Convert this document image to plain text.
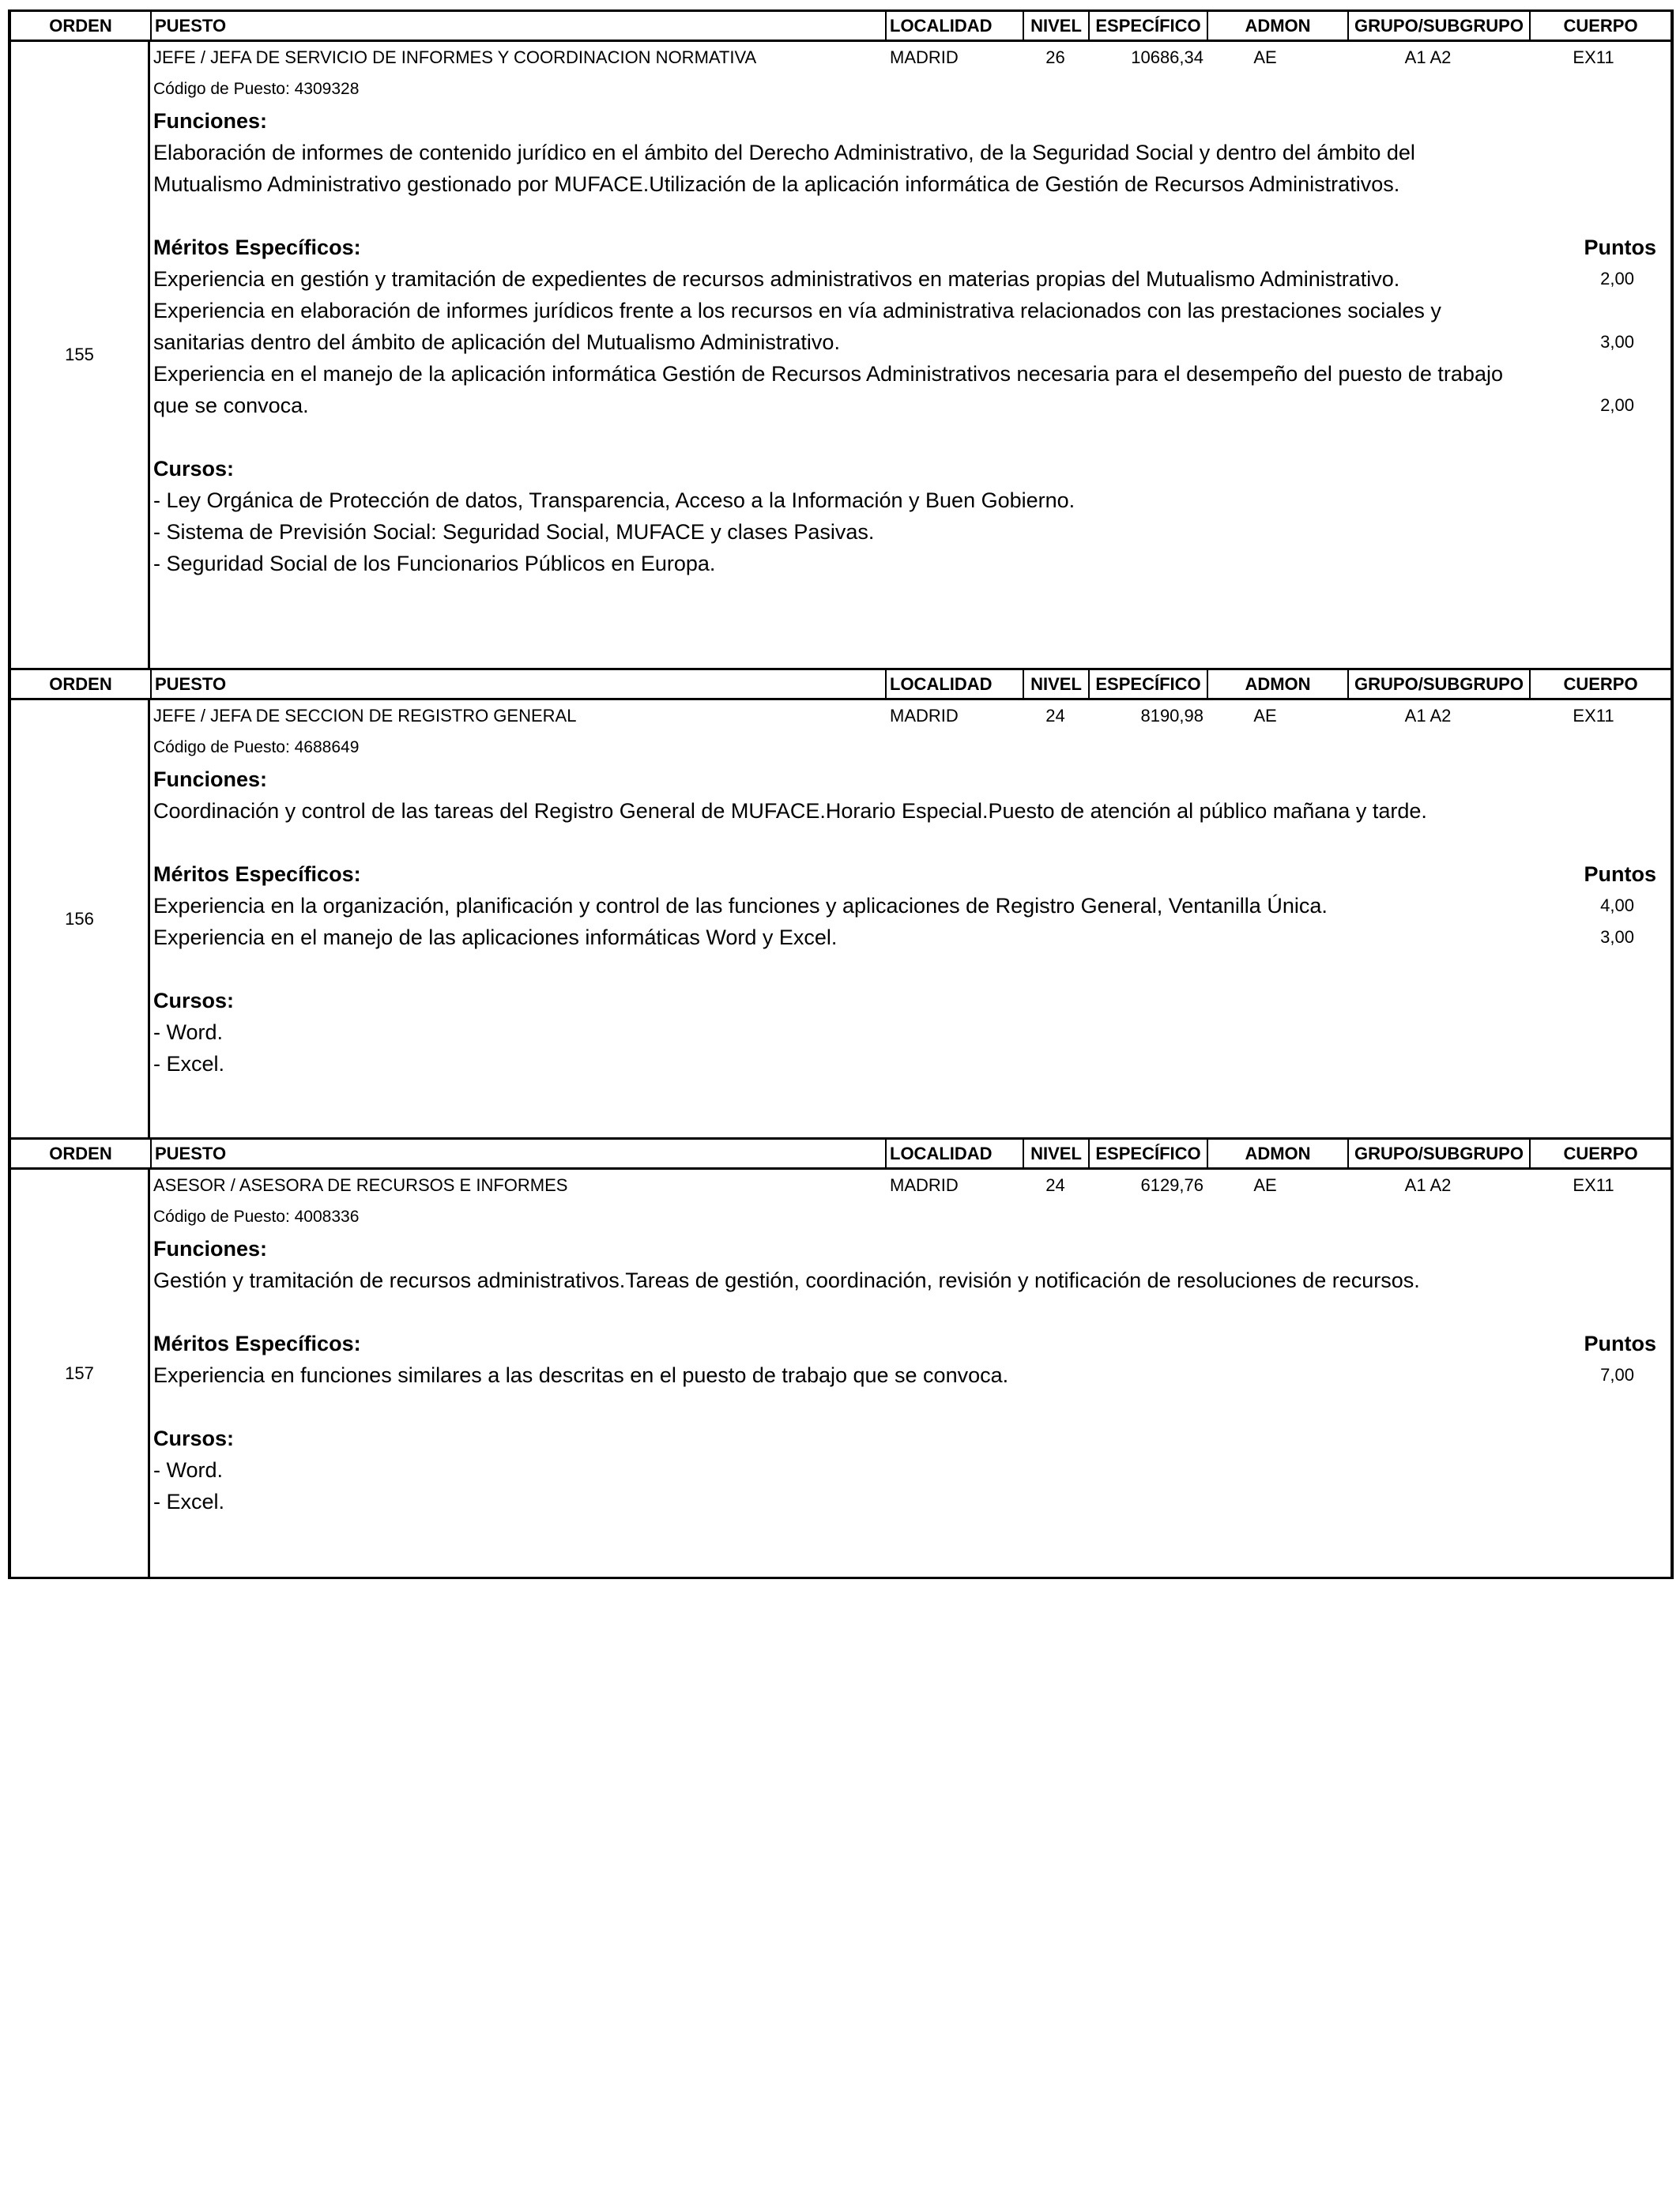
ORDEN	PUESTO	LOCALIDAD	NIVEL ESPECÍFICO	ADMON	GRUPO/SUBGRUPO	CUERPO
155
JEFE / JEFA DE SERVICIO DE INFORMES Y COORDINACION NORMATIVA	MADRID	26	10686,34	AE	A1 A2	EX11
Código de Puesto: 4309328
Funciones:
Elaboración de informes de contenido jurídico en el ámbito del Derecho Administrativo, de la Seguridad Social y dentro del ámbito del Mutualismo Administrativo gestionado por MUFACE.Utilización de la aplicación informática de Gestión de Recursos Administrativos.
Méritos Específicos:	Puntos
Experiencia en gestión y tramitación de expedientes de recursos administrativos en materias propias del Mutualismo Administrativo.	2,00
Experiencia en elaboración de informes jurídicos frente a los recursos en vía administrativa relacionados con las prestaciones sociales y sanitarias dentro del ámbito de aplicación del Mutualismo Administrativo.	3,00
Experiencia en el manejo de la aplicación informática Gestión de Recursos Administrativos necesaria para el desempeño del puesto de trabajo que se convoca.	2,00
Cursos:
- Ley Orgánica de Protección de datos, Transparencia, Acceso a la Información y Buen Gobierno.
- Sistema de Previsión Social: Seguridad Social, MUFACE y clases Pasivas.
- Seguridad Social de los Funcionarios Públicos en Europa.
ORDEN	PUESTO	LOCALIDAD	NIVEL ESPECÍFICO	ADMON	GRUPO/SUBGRUPO	CUERPO
156
JEFE / JEFA DE SECCION DE REGISTRO GENERAL	MADRID	24	8190,98	AE	A1 A2	EX11
Código de Puesto: 4688649
Funciones:
Coordinación y control de las tareas del Registro General de MUFACE.Horario Especial.Puesto de atención al público mañana y tarde.
Méritos Específicos:	Puntos
Experiencia en la organización, planificación y control de las funciones y aplicaciones de Registro General, Ventanilla Única.	4,00
Experiencia en el manejo de las aplicaciones informáticas Word y Excel.	3,00
Cursos:
- Word.
- Excel.
ORDEN	PUESTO	LOCALIDAD	NIVEL ESPECÍFICO	ADMON	GRUPO/SUBGRUPO	CUERPO
157
ASESOR / ASESORA DE RECURSOS E INFORMES	MADRID	24	6129,76	AE	A1 A2	EX11
Código de Puesto: 4008336
Funciones:
Gestión y tramitación de recursos administrativos.Tareas de gestión, coordinación, revisión y notificación de resoluciones de recursos.
Méritos Específicos:	Puntos
Experiencia en funciones similares a las descritas en el puesto de trabajo que se convoca.	7,00
Cursos:
- Word.
- Excel.
